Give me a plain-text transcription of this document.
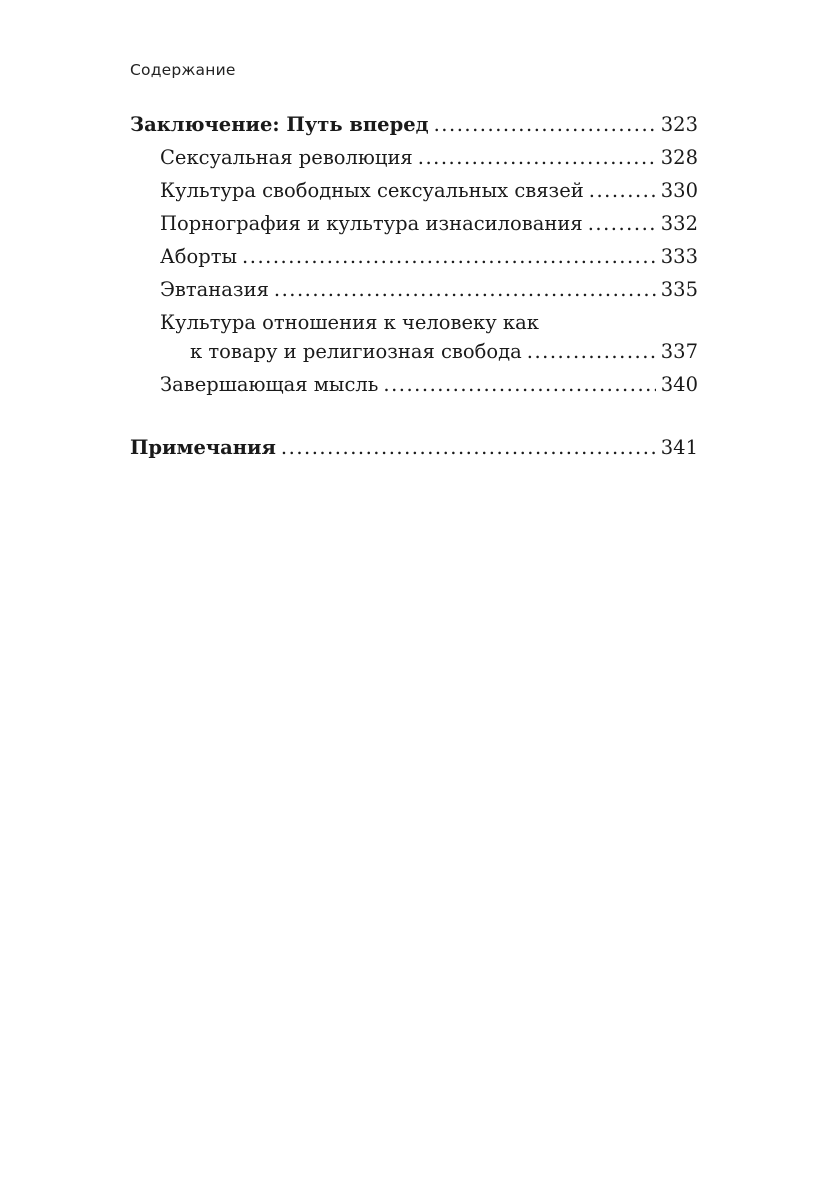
Содержание
Заключение: Путь вперед .....	323
Сексуальная революция .....	328
Культура свободных сексуальных связей .....	330
Порнография и культура изнасилования .....	332
Аборты .....	333
Эвтаназия .....	335
Культура отношения к человеку как
к товару и религиозная свобода .....	337
Завершающая мысль .....	340
Примечания .....	341
